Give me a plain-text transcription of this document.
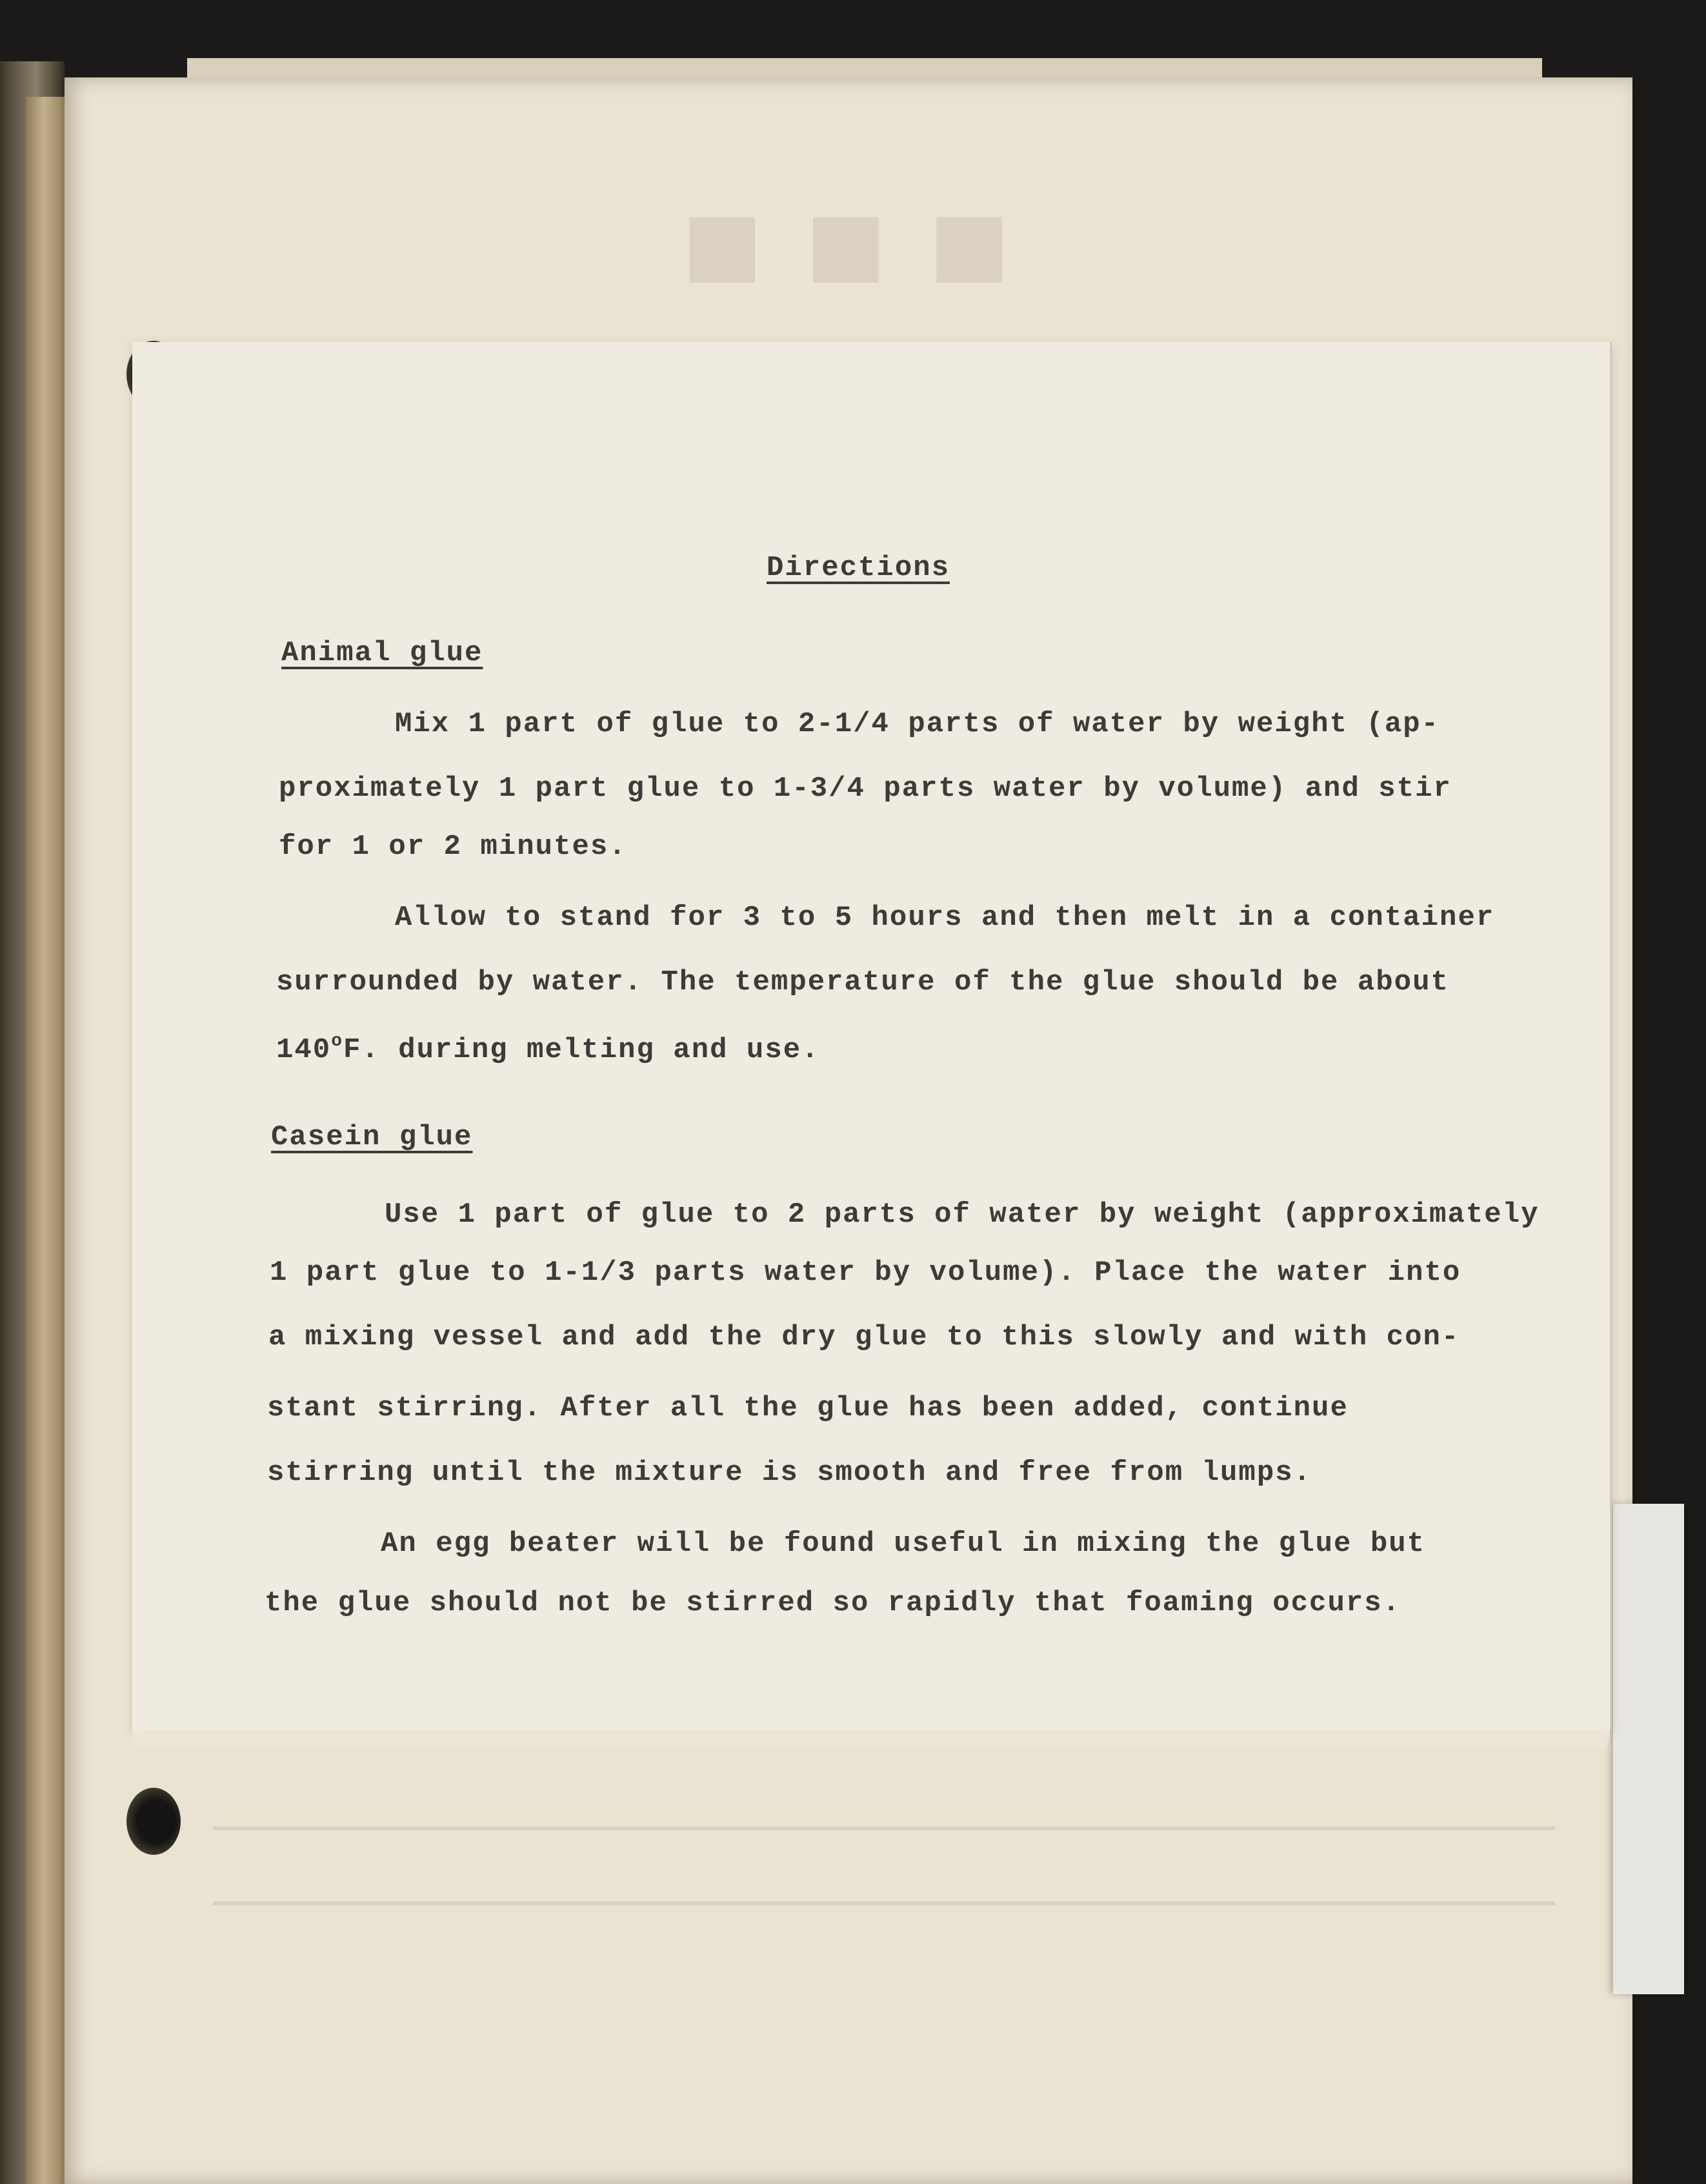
■ ■ ■

Directions

Animal glue

Mix 1 part of glue to 2-1/4 parts of water by weight (ap-

proximately 1 part glue to 1-3/4 parts water by volume) and stir

for 1 or 2 minutes.

Allow to stand for 3 to 5 hours and then melt in a container

surrounded by water. The temperature of the glue should be about

140$^o$F. during melting and use.

Casein glue

Use 1 part of glue to 2 parts of water by weight (approximately

1 part glue to 1-1/3 parts water by volume). Place the water into

a mixing vessel and add the dry glue to this slowly and with con-

stant stirring. After all the glue has been added, continue

stirring until the mixture is smooth and free from lumps.

An egg beater will be found useful in mixing the glue but

the glue should not be stirred so rapidly that foaming occurs.
